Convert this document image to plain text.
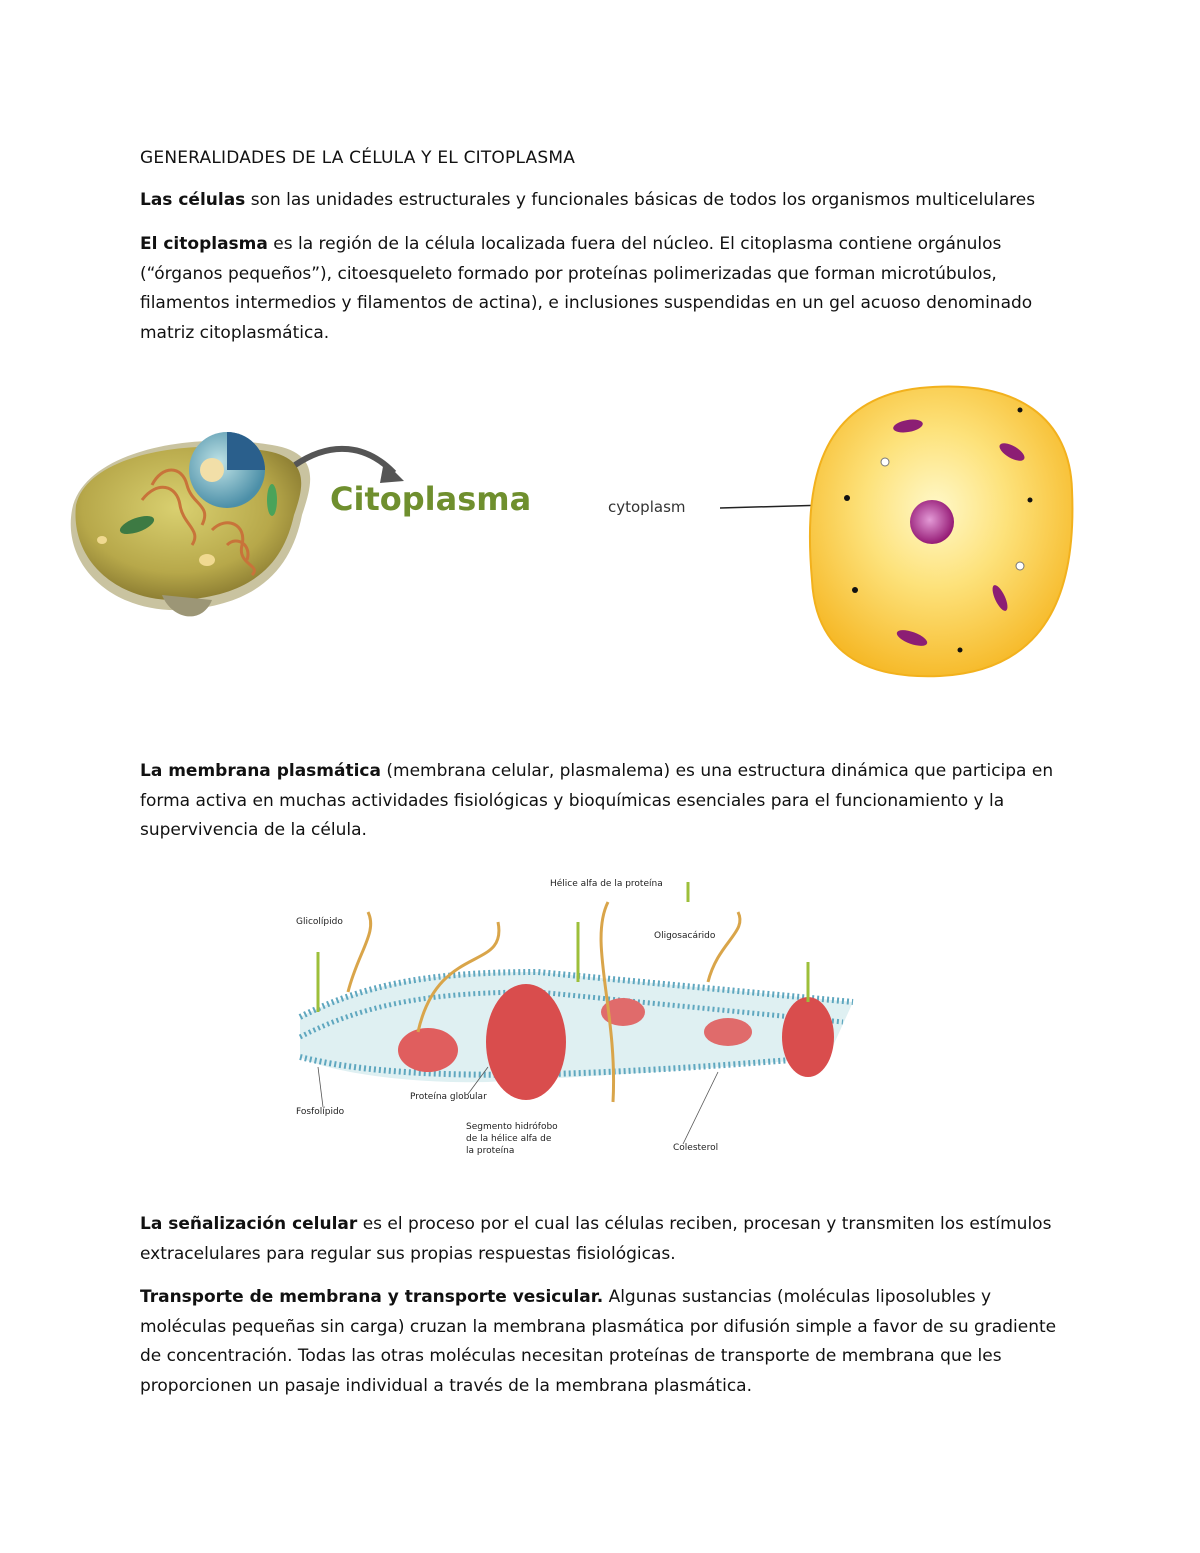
GENERALIDADES DE LA CÉLULA Y EL CITOPLASMA
Las células son las unidades estructurales y funcionales básicas de todos los organismos multicelulares
El citoplasma es la región de la célula localizada fuera del núcleo. El citoplasma contiene orgánulos (“órganos pequeños”), citoesqueleto formado por proteínas polimerizadas que forman microtúbulos, filamentos intermedios y filamentos de actina), e inclusiones suspendidas en un gel acuoso denominado matriz citoplasmática.
Citoplasma	cytoplasm
La membrana plasmática (membrana celular, plasmalema) es una estructura dinámica que participa en forma activa en muchas actividades fisiológicas y bioquímicas esenciales para el funcionamiento y la supervivencia de la célula.
Hélice alfa de la proteína
Glicolípido
Oligosacárido
Fosfolípido
Proteína globular
Segmento hidrófobo
de la hélice alfa de
la proteína	Colesterol
La señalización celular es el proceso por el cual las células reciben, procesan y transmiten los estímulos extracelulares para regular sus propias respuestas fisiológicas.
Transporte de membrana y transporte vesicular. Algunas sustancias (moléculas liposolubles y moléculas pequeñas sin carga) cruzan la membrana plasmática por difusión simple a favor de su gradiente de concentración. Todas las otras moléculas necesitan proteínas de transporte de membrana que les proporcionen un pasaje individual a través de la membrana plasmática.
